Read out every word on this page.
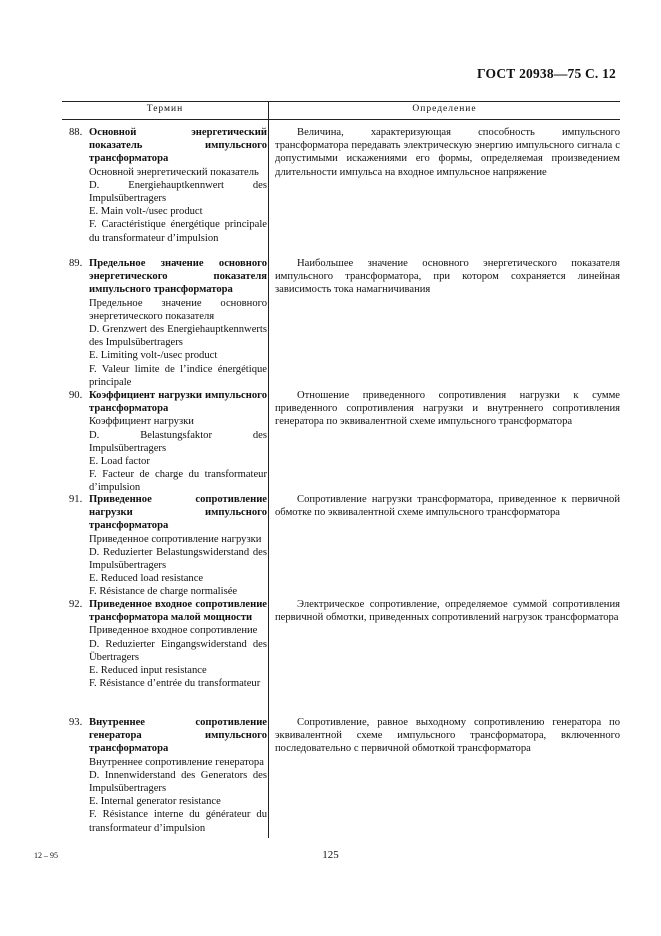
ГОСТ 20938—75 С. 12
Термин	Определение
88. Основной энергетический показатель импульсного трансформатора
Основной энергетический показатель
D. Energiehauptkennwert des Impulsübertragers
E. Main volt-/usec product
F. Caractéristique énergétique principale du transformateur d’impulsion
Величина, характеризующая способность импульсного трансформатора передавать электрическую энергию импульсного сигнала с допустимыми искажениями его формы, определяемая произведением длительности импульса на входное импульсное напряжение
89. Предельное значение основного энергетического показателя импульсного трансформатора
Предельное значение основного энергетического показателя
D. Grenzwert des Energiehauptkennwerts des Impulsübertragers
E. Limiting volt-/usec product
F. Valeur limite de l’indice énergétique principale
Наибольшее значение основного энергетического показателя импульсного трансформатора, при котором сохраняется линейная зависимость тока намагничивания
90. Коэффициент нагрузки импульсного трансформатора
Коэффициент нагрузки
D. Belastungsfaktor des Impulsübertragers
E. Load factor
F. Facteur de charge du transformateur d’impulsion
Отношение приведенного сопротивления нагрузки к сумме приведенного сопротивления нагрузки и внутреннего сопротивления генератора по эквивалентной схеме импульсного трансформатора
91. Приведенное сопротивление нагрузки импульсного трансформатора
Приведенное сопротивление нагрузки
D. Reduzierter Belastungswiderstand des Impulsübertragers
E. Reduced load resistance
F. Résistance de charge normalisée
Сопротивление нагрузки трансформатора, приведенное к первичной обмотке по эквивалентной схеме импульсного трансформатора
92. Приведенное входное сопротивление трансформатора малой мощности
Приведенное входное сопротивление
D. Reduzierter Eingangswiderstand des Übertragers
E. Reduced input resistance
F. Résistance d’entrée du transformateur
Электрическое сопротивление, определяемое суммой сопротивления первичной обмотки, приведенных сопротивлений нагрузок трансформатора
93. Внутреннее сопротивление генератора импульсного трансформатора
Внутреннее сопротивление генератора
D. Innenwiderstand des Generators des Impulsübertragers
E. Internal generator resistance
F. Résistance interne du générateur du transformateur d’impulsion
Сопротивление, равное выходному сопротивлению генератора по эквивалентной схеме импульсного трансформатора, включенного последовательно с первичной обмоткой трансформатора
12 – 95	125
